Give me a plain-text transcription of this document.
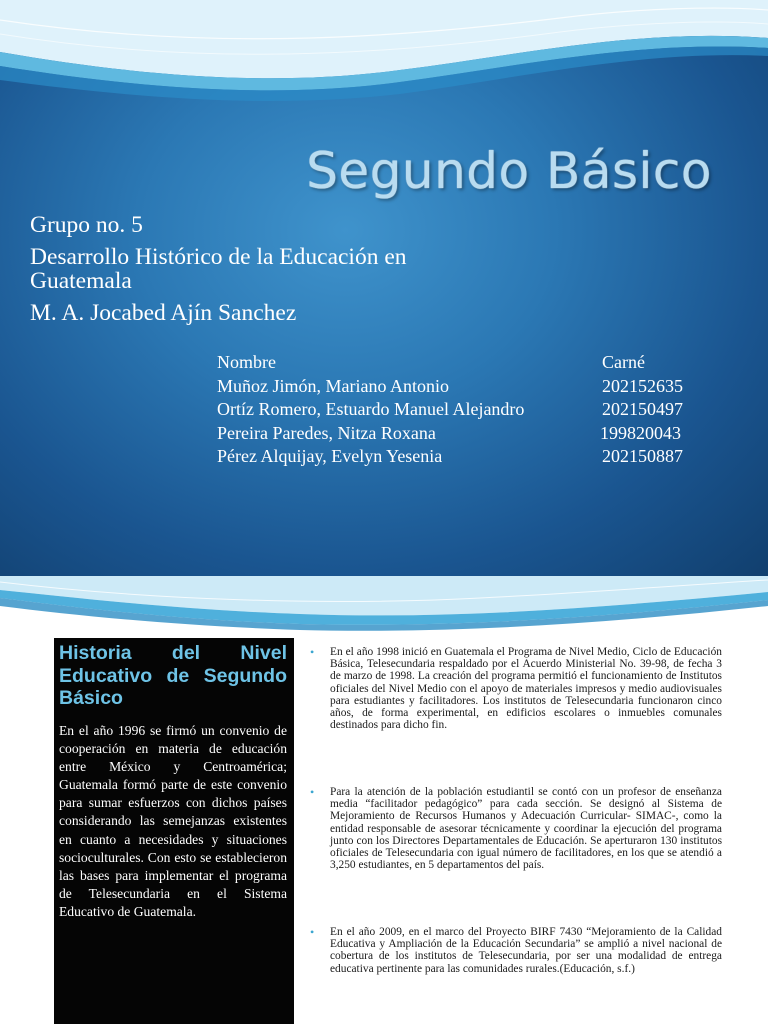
Segundo Básico
Grupo no. 5
Desarrollo Histórico de la Educación en
Guatemala
M. A. Jocabed Ajín Sanchez
Nombre	Carné
Muñoz Jimón, Mariano Antonio	202152635
Ortíz Romero, Estuardo Manuel Alejandro	202150497
Pereira Paredes, Nitza Roxana	199820043
Pérez Alquijay, Evelyn Yesenia	202150887
Historia del Nivel Educativo de Segundo Básico
En el año 1996 se firmó un convenio de cooperación en materia de educación entre México y Centroamérica; Guatemala formó parte de este convenio para sumar esfuerzos con dichos países considerando las semejanzas existentes en cuanto a necesidades y situaciones socioculturales. Con esto se establecieron las bases para implementar el programa de Telesecundaria en el Sistema Educativo de Guatemala.
• En el año 1998 inició en Guatemala el Programa de Nivel Medio, Ciclo de Educación Básica, Telesecundaria respaldado por el Acuerdo Ministerial No. 39-98, de fecha 3 de marzo de 1998. La creación del programa permitió el funcionamiento de Institutos oficiales del Nivel Medio con el apoyo de materiales impresos y medio audiovisuales para estudiantes y facilitadores. Los institutos de Telesecundaria funcionaron cinco años, de forma experimental, en edificios escolares o inmuebles comunales destinados para dicho fin.
• Para la atención de la población estudiantil se contó con un profesor de enseñanza media “facilitador pedagógico” para cada sección. Se designó al Sistema de Mejoramiento de Recursos Humanos y Adecuación Curricular- SIMAC-, como la entidad responsable de asesorar técnicamente y coordinar la ejecución del programa junto con los Directores Departamentales de Educación. Se aperturaron 130 institutos oficiales de Telesecundaria con igual número de facilitadores, en los que se atendió a 3,250 estudiantes, en 5 departamentos del país.
• En el año 2009, en el marco del Proyecto BIRF 7430 “Mejoramiento de la Calidad Educativa y Ampliación de la Educación Secundaria” se amplió a nivel nacional de cobertura de los institutos de Telesecundaria, por ser una modalidad de entrega educativa pertinente para las comunidades rurales.(Educación, s.f.)
